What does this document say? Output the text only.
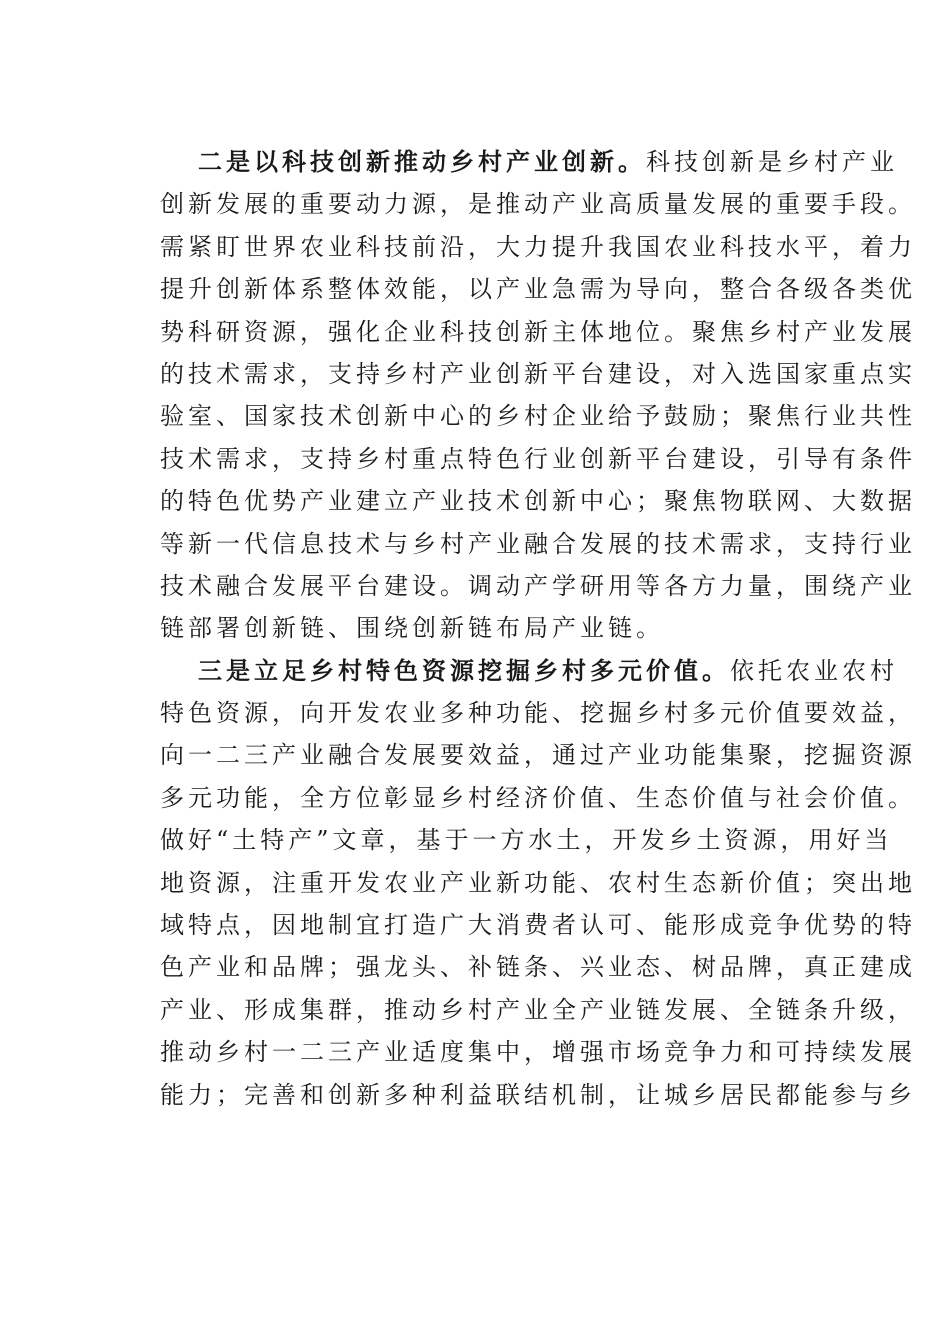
二是以科技创新推动乡村产业创新。科技创新是乡村产业
创新发展的重要动力源，是推动产业高质量发展的重要手段。
需紧盯世界农业科技前沿，大力提升我国农业科技水平，着力
提升创新体系整体效能，以产业急需为导向，整合各级各类优
势科研资源，强化企业科技创新主体地位。聚焦乡村产业发展
的技术需求，支持乡村产业创新平台建设，对入选国家重点实
验室、国家技术创新中心的乡村企业给予鼓励；聚焦行业共性
技术需求，支持乡村重点特色行业创新平台建设，引导有条件
的特色优势产业建立产业技术创新中心；聚焦物联网、大数据
等新一代信息技术与乡村产业融合发展的技术需求，支持行业
技术融合发展平台建设。调动产学研用等各方力量，围绕产业
链部署创新链、围绕创新链布局产业链。
三是立足乡村特色资源挖掘乡村多元价值。依托农业农村
特色资源，向开发农业多种功能、挖掘乡村多元价值要效益，
向一二三产业融合发展要效益，通过产业功能集聚，挖掘资源
多元功能，全方位彰显乡村经济价值、生态价值与社会价值。
做好“土特产”文章，基于一方水土，开发乡土资源，用好当
地资源，注重开发农业产业新功能、农村生态新价值；突出地
域特点，因地制宜打造广大消费者认可、能形成竞争优势的特
色产业和品牌；强龙头、补链条、兴业态、树品牌，真正建成
产业、形成集群，推动乡村产业全产业链发展、全链条升级，
推动乡村一二三产业适度集中，增强市场竞争力和可持续发展
能力；完善和创新多种利益联结机制，让城乡居民都能参与乡
